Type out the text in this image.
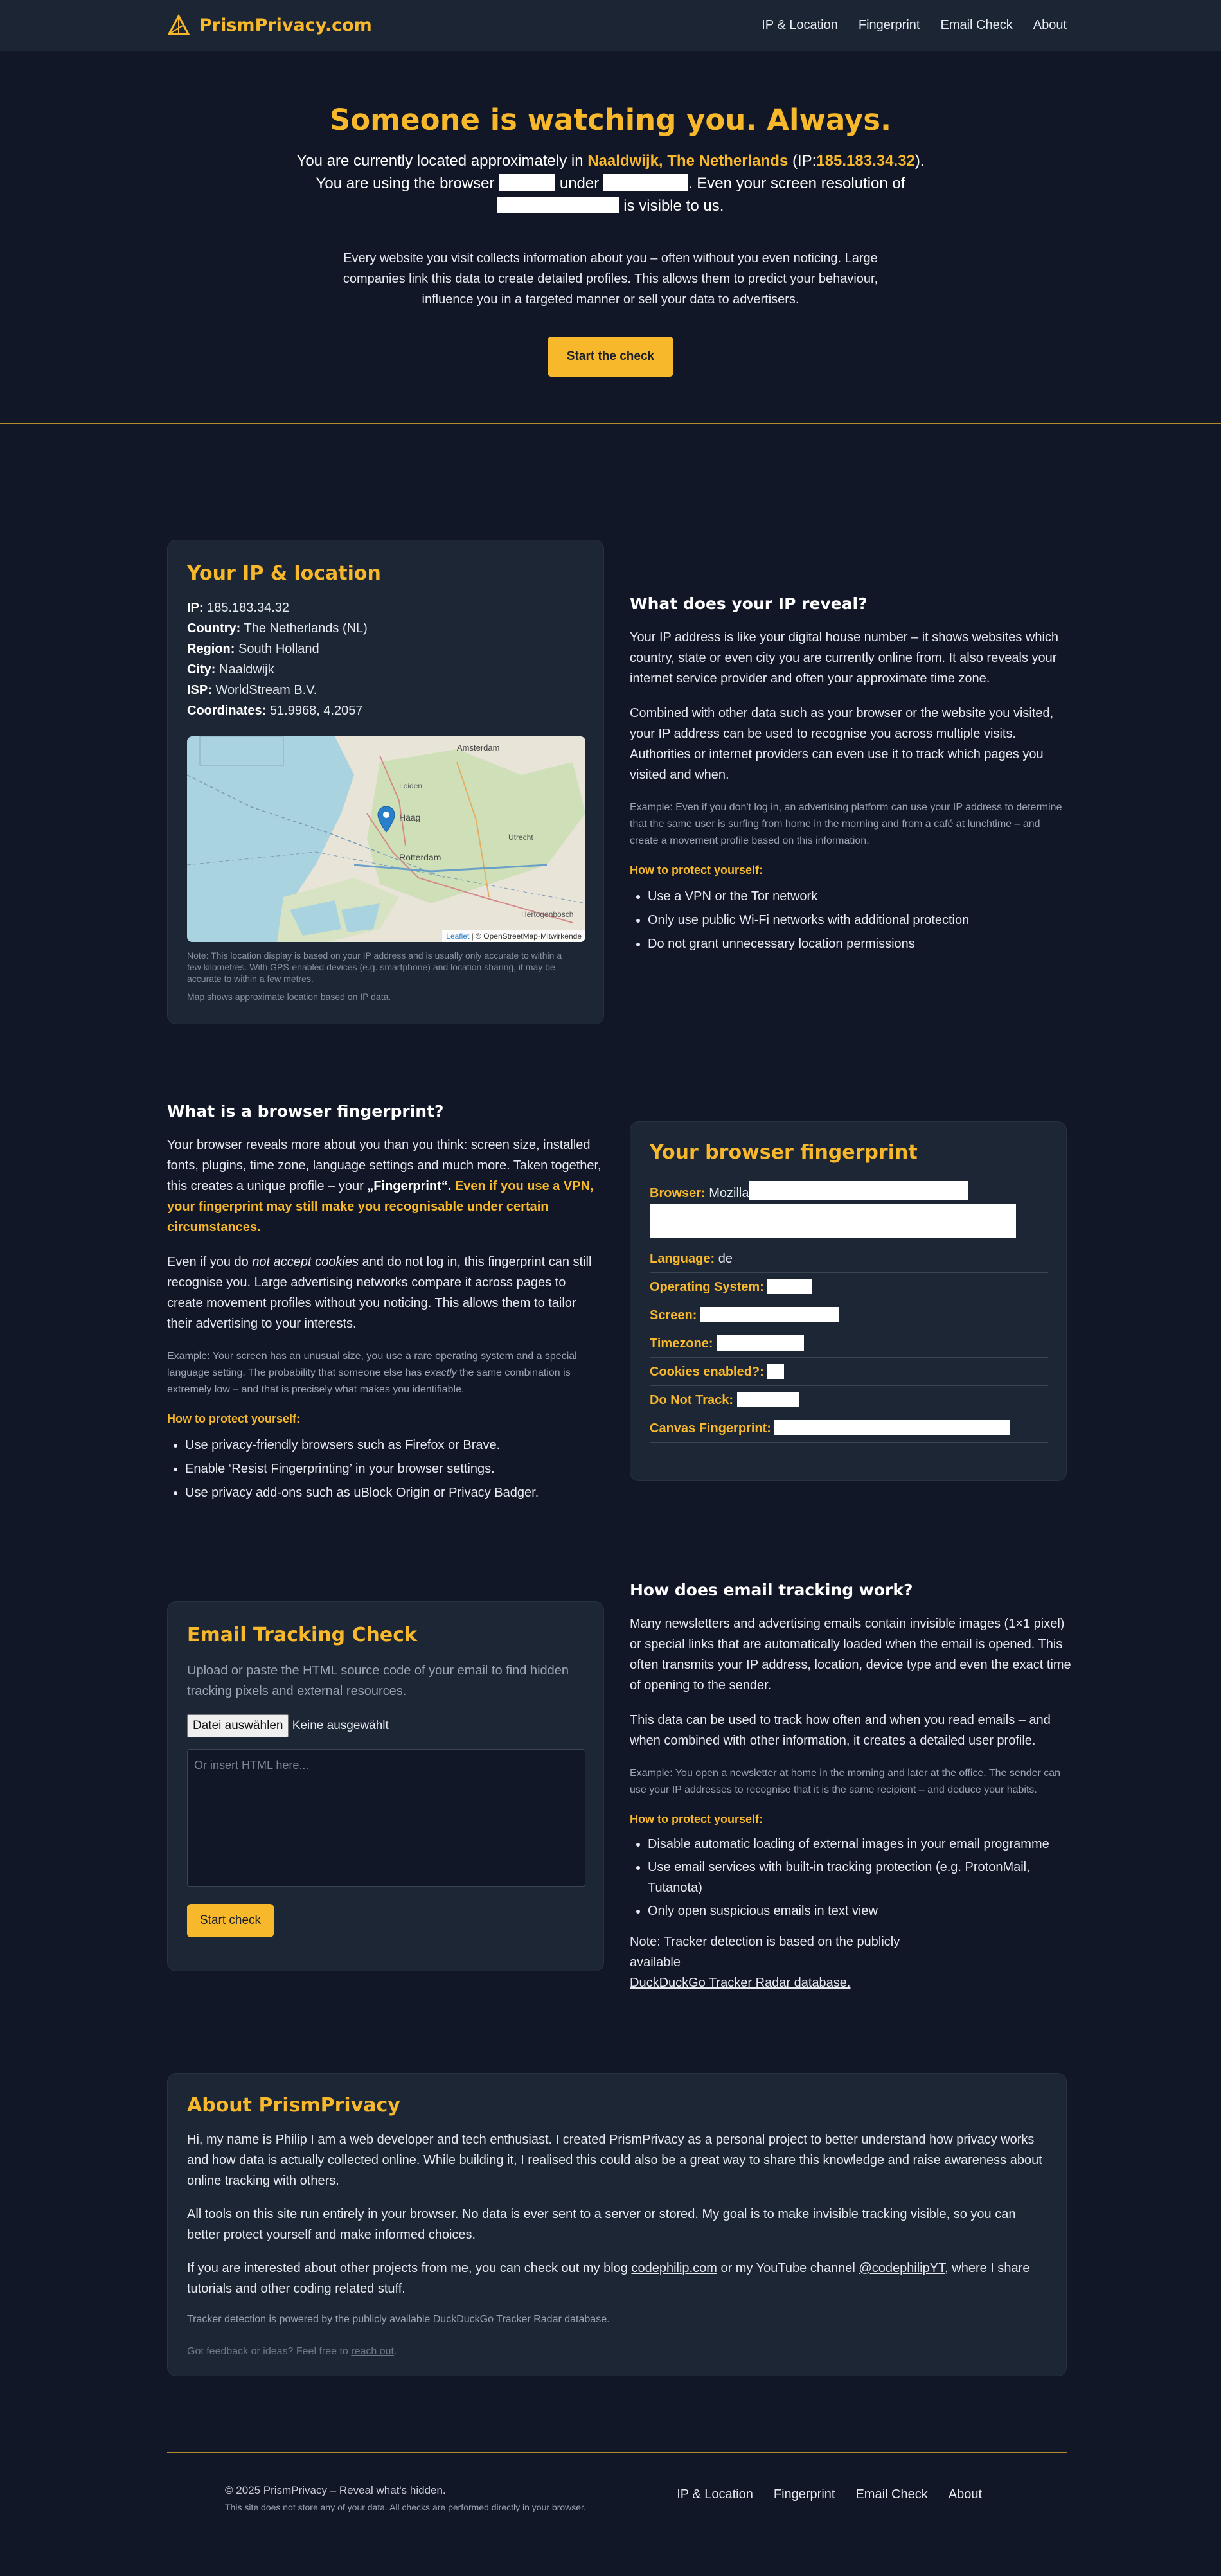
PrismPrivacy.com	IP & Location Fingerprint Email Check About
Someone is watching you. Always.
You are currently located approximately in Naaldwijk, The Netherlands (IP:185.183.34.32).
You are using the browser	under	. Even your screen resolution of
is visible to us.

Every website you visit collects information about you – often without you even noticing. Large companies link this data to create detailed profiles. This allows them to predict your behaviour, influence you in a targeted manner or sell your data to advertisers.

Start the check
Your IP & location
IP: 185.183.34.32
Country: The Netherlands (NL)
Region: South Holland
City: Naaldwijk
ISP: WorldStream B.V.
Coordinates: 51.9968, 4.2057
Amsterdam
Leiden
Utrecht
Haag
Rotterdam
Hertogenbosch
Leaflet | © OpenStreetMap-Mitwirkende

Note: This location display is based on your IP address and is usually only accurate to within a few kilometres. With GPS-enabled devices (e.g. smartphone) and location sharing, it may be accurate to within a few metres.

Map shows approximate location based on IP data.

What does your IP reveal?

Your IP address is like your digital house number – it shows websites which country, state or even city you are currently online from. It also reveals your internet service provider and often your approximate time zone.

Combined with other data such as your browser or the website you visited, your IP address can be used to recognise you across multiple visits. Authorities or internet providers can even use it to track which pages you visited and when.

Example: Even if you don't log in, an advertising platform can use your IP address to determine that the same user is surfing from home in the morning and from a café at lunchtime – and create a movement profile based on this information.

How to protect yourself:
• Use a VPN or the Tor network
• Only use public Wi-Fi networks with additional protection
• Do not grant unnecessary location permissions
What is a browser fingerprint?

Your browser reveals more about you than you think: screen size, installed fonts, plugins, time zone, language settings and much more. Taken together, this creates a unique profile – your „Fingerprint“. Even if you use a VPN, your fingerprint may still make you recognisable under certain circumstances.

Even if you do not accept cookies and do not log in, this fingerprint can still recognise you. Large advertising networks compare it across pages to create movement profiles without you noticing. This allows them to tailor their advertising to your interests.

Example: Your screen has an unusual size, you use a rare operating system and a special language setting. The probability that someone else has exactly the same combination is extremely low – and that is precisely what makes you identifiable.

How to protect yourself:
• Use privacy-friendly browsers such as Firefox or Brave.
• Enable ‘Resist Fingerprinting’ in your browser settings.
• Use privacy add-ons such as uBlock Origin or Privacy Badger.
Your browser fingerprint
Browser: Mozilla
Language: de
Operating System:
Screen:
Timezone:
Cookies enabled?:
Do Not Track:
Canvas Fingerprint:
Email Tracking Check

Upload or paste the HTML source code of your email to find hidden tracking pixels and external resources.

Datei auswählen Keine ausgewählt
Or insert HTML here...
Start check
How does email tracking work?

Many newsletters and advertising emails contain invisible images (1×1 pixel) or special links that are automatically loaded when the email is opened. This often transmits your IP address, location, device type and even the exact time of opening to the sender.

This data can be used to track how often and when you read emails – and when combined with other information, it creates a detailed user profile.

Example: You open a newsletter at home in the morning and later at the office. The sender can use your IP addresses to recognise that it is the same recipient – and deduce your habits.

How to protect yourself:
• Disable automatic loading of external images in your email programme
• Use email services with built-in tracking protection (e.g. ProtonMail, Tutanota)
• Only open suspicious emails in text view

Note: Tracker detection is based on the publicly available
DuckDuckGo Tracker Radar database.

About PrismPrivacy

Hi, my name is Philip I am a web developer and tech enthusiast. I created PrismPrivacy as a personal project to better understand how privacy works and how data is actually collected online. While building it, I realised this could also be a great way to share this knowledge and raise awareness about online tracking with others.

All tools on this site run entirely in your browser. No data is ever sent to a server or stored. My goal is to make invisible tracking visible, so you can better protect yourself and make informed choices.

If you are interested about other projects from me, you can check out my blog codephilip.com or my YouTube channel @codephilipYT, where I share tutorials and other coding related stuff.

Tracker detection is powered by the publicly available DuckDuckGo Tracker Radar database.

Got feedback or ideas? Feel free to reach out.

© 2025 PrismPrivacy – Reveal what's hidden.
This site does not store any of your data. All checks are performed directly in your browser.
IP & Location Fingerprint Email Check About
